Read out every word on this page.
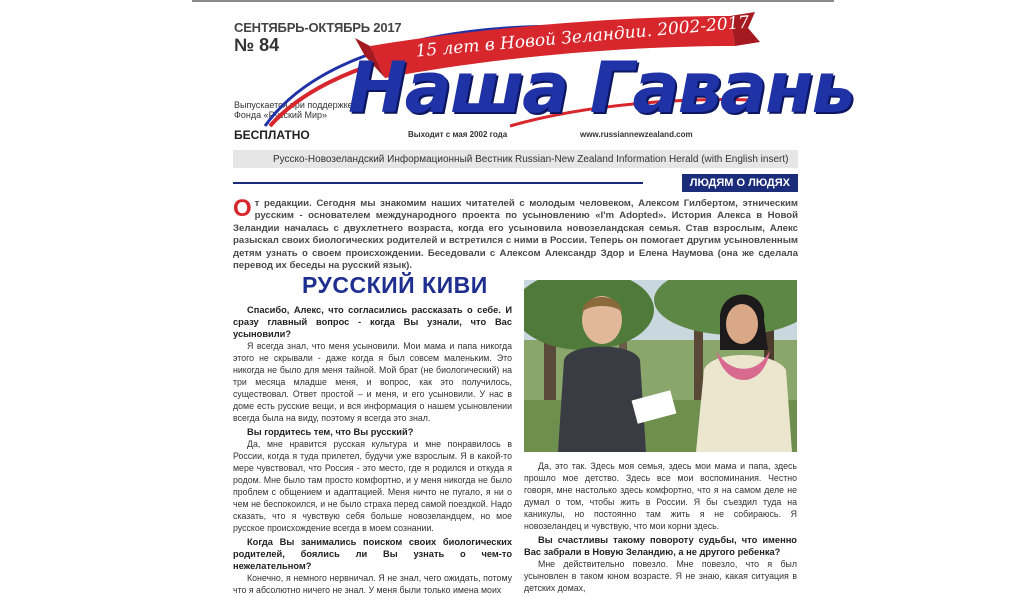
СЕНТЯБРЬ-ОКТЯБРЬ 2017
№ 84
Выпускается при поддержке
Фонда «Русский Мир»
БЕСПЛАТНО
15 лет в Новой Зеландии. 2002-2017
Наша Гавань
Выходит с мая 2002 года	www.russiannewzealand.com
Русско-Новозеландский Информационный Вестник Russian-New Zealand Information Herald (with English insert)
ЛЮДЯМ О ЛЮДЯХ
О т редакции. Сегодня мы знакомим наших читателей с молодым человеком, Алексом Гилбертом, этническим русским - основателем международного проекта по усыновлению «I'm Adopted». История Алекса в Новой Зеландии началась с двухлетнего возраста, когда его усыновила новозеландская семья. Став взрослым, Алекс разыскал своих биологических родителей и встретился с ними в России. Теперь он помогает другим усыновленным детям узнать о своем происхождении. Беседовали с Алексом Александр Здор и Елена Наумова (она же сделала перевод их беседы на русский язык).
РУССКИЙ КИВИ

Спасибо, Алекс, что согласились рассказать о себе. И сразу главный вопрос - когда Вы узнали, что Вас усыновили?

Я всегда знал, что меня усыновили. Мои мама и папа никогда этого не скрывали - даже когда я был совсем маленьким. Это никогда не было для меня тайной. Мой брат (не биологический) на три месяца младше меня, и вопрос, как это получилось, существовал. Ответ простой – и меня, и его усыновили. У нас в доме есть русские вещи, и вся информация о нашем усыновлении всегда была на виду, поэтому я всегда это знал.

Вы гордитесь тем, что Вы русский?

Да, мне нравится русская культура и мне понравилось в России, когда я туда прилетел, будучи уже взрослым. Я в какой-то мере чувствовал, что Россия - это место, где я родился и откуда я родом. Мне было там просто комфортно, и у меня никогда не было проблем с общением и адаптацией. Меня ничто не пугало, я ни о чем не беспокоился, и не было страха перед самой поездкой. Надо сказать, что я чувствую себя больше новозеландцем, но мое русское происхождение всегда в моем сознании.

Когда Вы занимались поиском своих биологических родителей, боялись ли Вы узнать о чем-то нежелательном?

Конечно, я немного нервничал. Я не знал, чего ожидать, потому что я абсолютно ничего не знал. У меня были только имена моих

Да, это так. Здесь моя семья, здесь мои мама и папа, здесь прошло мое детство. Здесь все мои воспоминания. Честно говоря, мне настолько здесь комфортно, что я на самом деле не думал о том, чтобы жить в России. Я бы съездил туда на каникулы, но постоянно там жить я не собираюсь. Я новозеландец и чувствую, что мои корни здесь.

Вы счастливы такому повороту судьбы, что именно Вас забрали в Новую Зеландию, а не другого ребенка?

Мне действительно повезло. Мне повезло, что я был усыновлен в таком юном возрасте. Я не знаю, какая ситуация в детских домах,
